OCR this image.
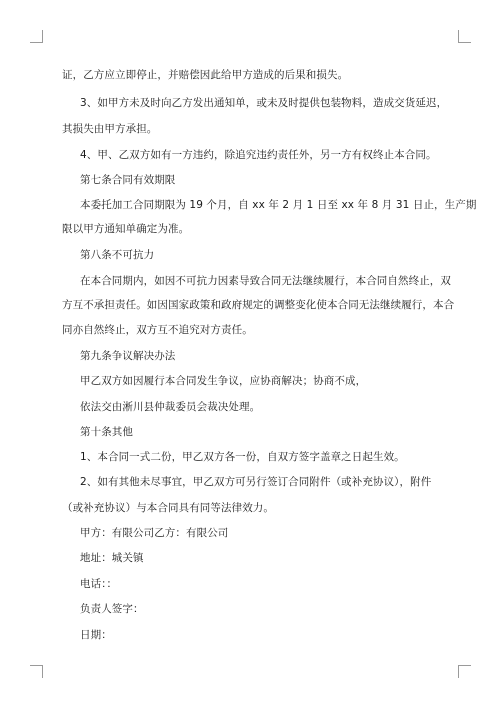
证，乙方应立即停止，并赔偿因此给甲方造成的后果和损失。
3、如甲方未及时向乙方发出通知单，或未及时提供包装物料，造成交货延迟，
其损失由甲方承担。
4、甲、乙双方如有一方违约，除追究违约责任外，另一方有权终止本合同。
第七条合同有效期限
本委托加工合同期限为 19 个月，自 xx 年 2 月 1 日至 xx 年 8 月 31 日止，生产期
限以甲方通知单确定为准。
第八条不可抗力
在本合同期内，如因不可抗力因素导致合同无法继续履行，本合同自然终止，双
方互不承担责任。如因国家政策和政府规定的调整变化使本合同无法继续履行，本合
同亦自然终止，双方互不追究对方责任。
第九条争议解决办法
甲乙双方如因履行本合同发生争议，应协商解决；协商不成，
依法交由淅川县仲裁委员会裁决处理。
第十条其他
1、本合同一式二份，甲乙双方各一份，自双方签字盖章之日起生效。
2、如有其他未尽事宜，甲乙双方可另行签订合同附件（或补充协议），附件
（或补充协议）与本合同具有同等法律效力。
甲方：有限公司乙方：有限公司
地址：城关镇
电话：：
负责人签字：
日期：
